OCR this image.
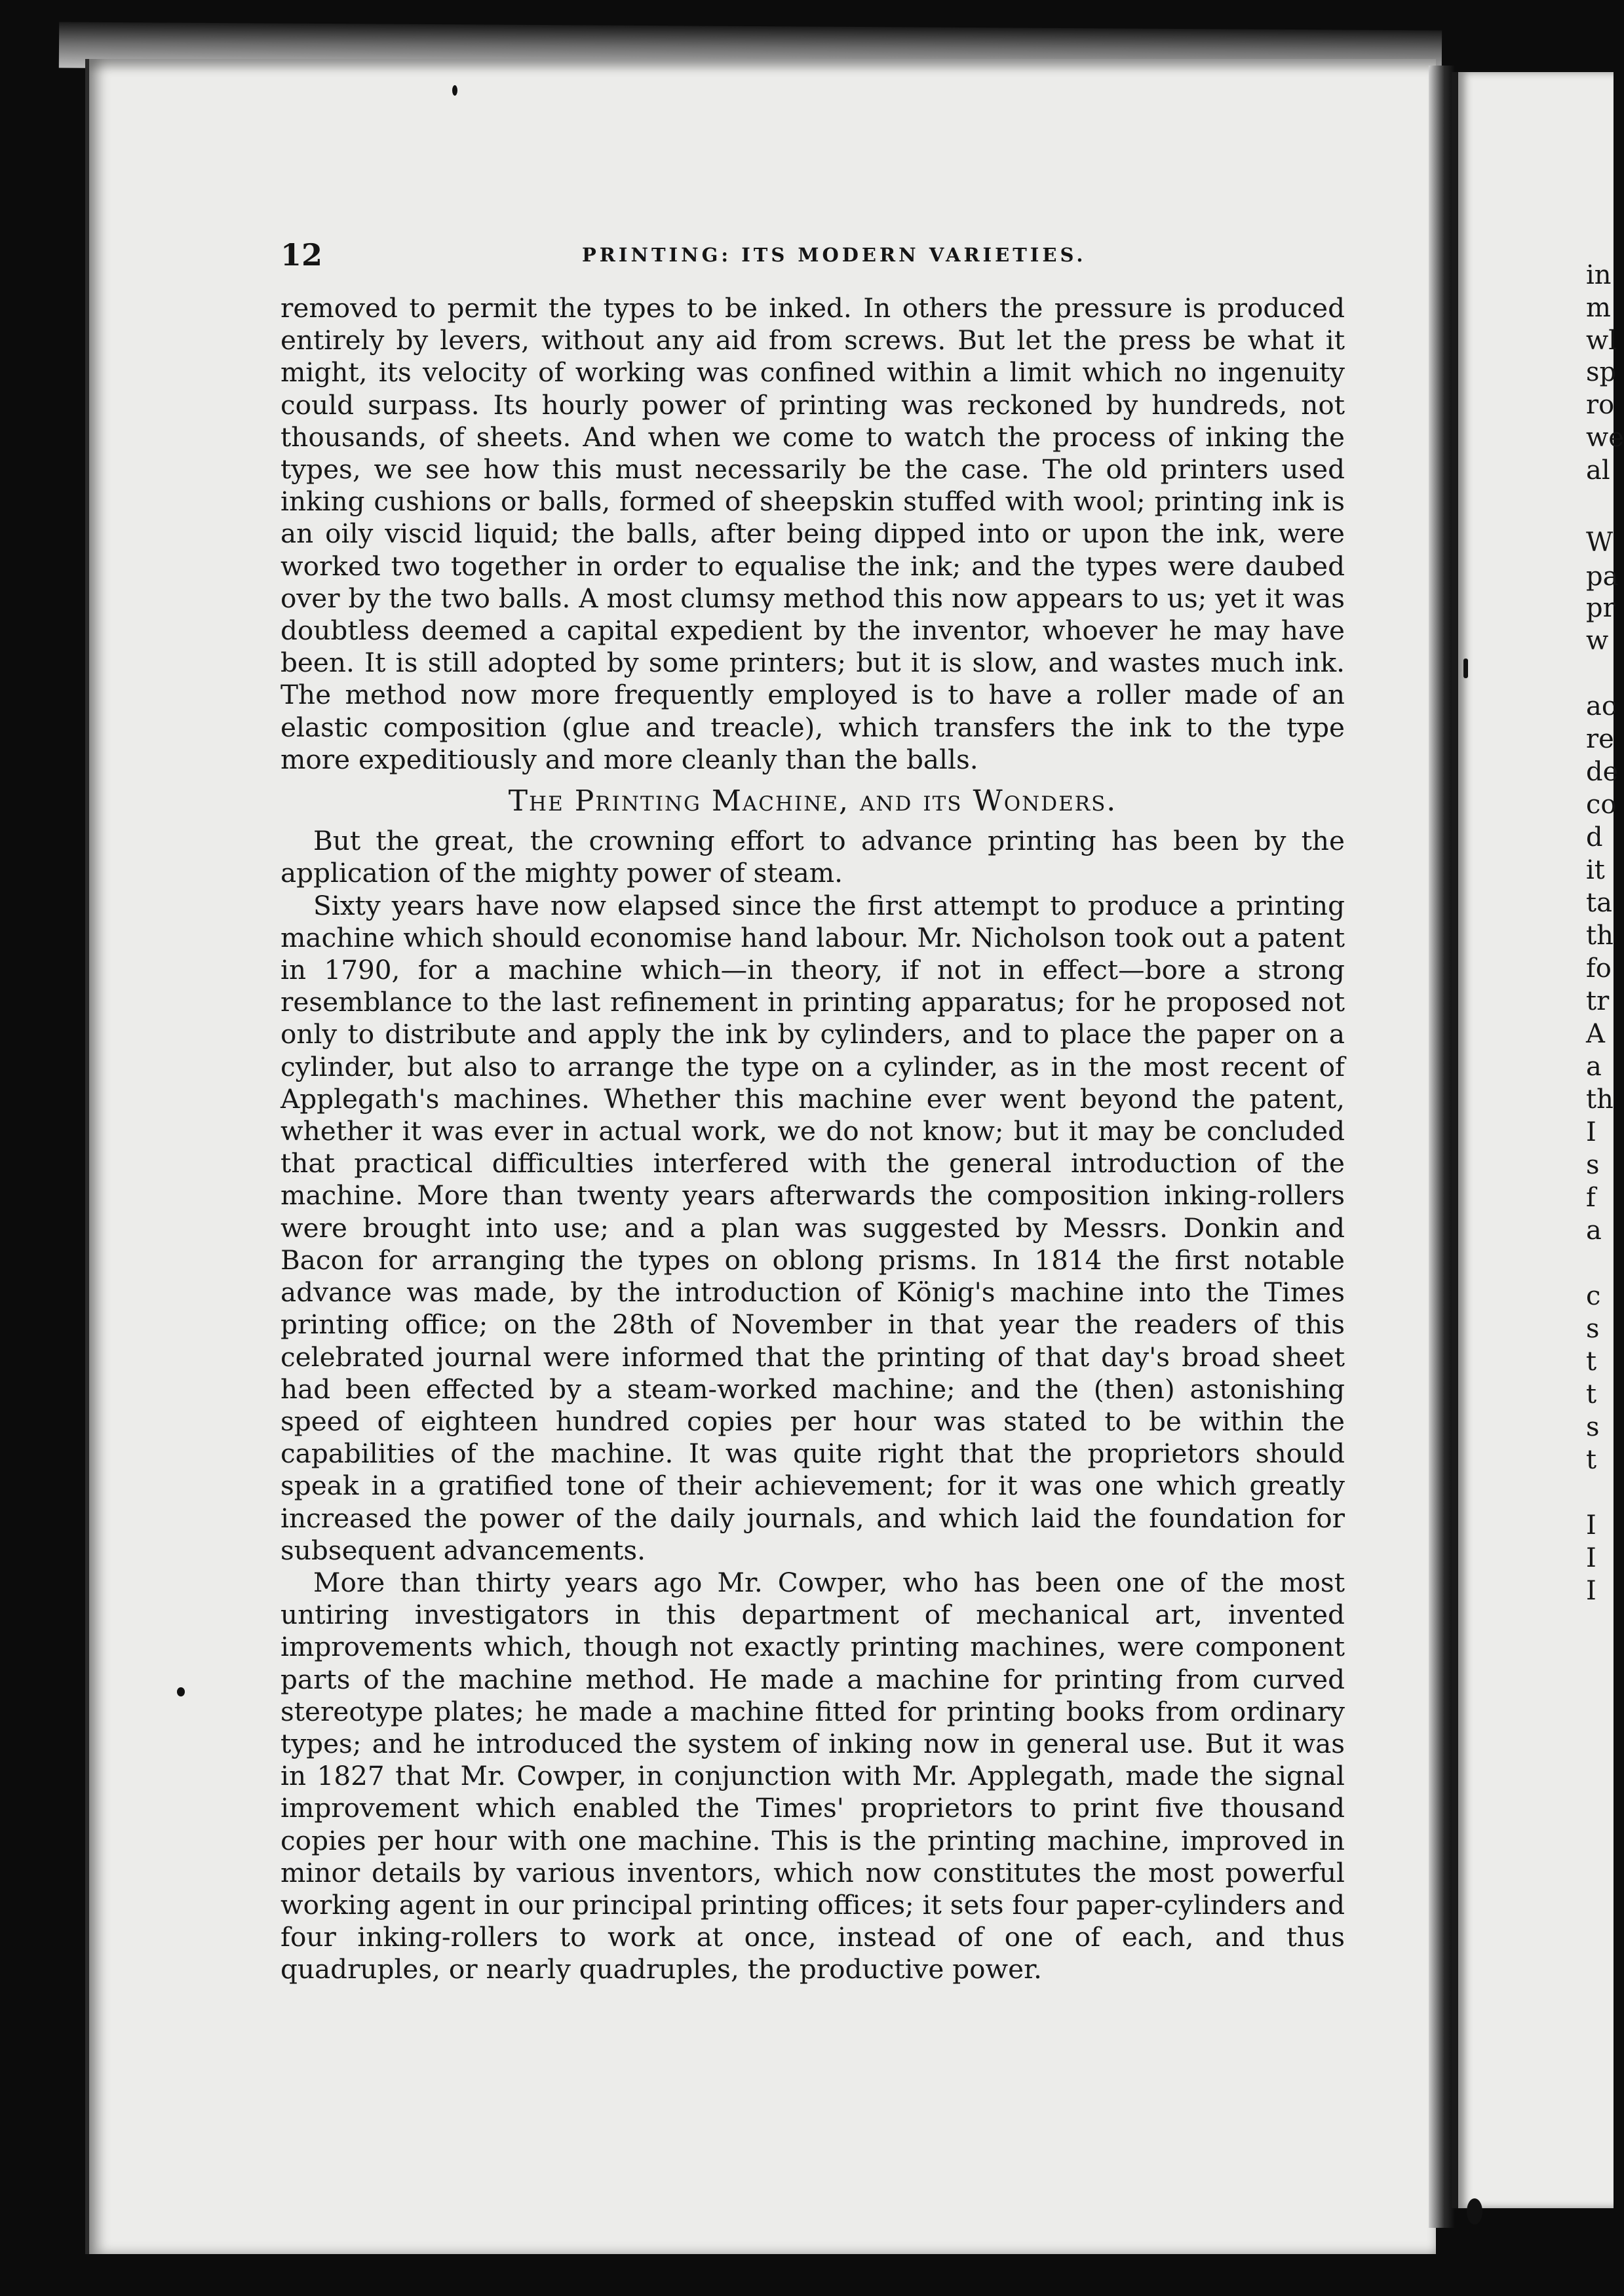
in
m
wl
sp
ro
we
al
W
pa
pr
w
ac
re
de
co
d
it
ta
th
fo
tr
A
a
th
I
s
f
a
c
s
t
t
s
t
I
I
I
12	PRINTING: ITS MODERN VARIETIES.

removed to permit the types to be inked. In others the pressure is produced entirely by levers, without any aid from screws. But let the press be what it might, its velocity of working was confined within a limit which no ingenuity could surpass. Its hourly power of printing was reckoned by hundreds, not thousands, of sheets. And when we come to watch the process of inking the types, we see how this must necessarily be the case. The old printers used inking cushions or balls, formed of sheepskin stuffed with wool; printing ink is an oily viscid liquid; the balls, after being dipped into or upon the ink, were worked two together in order to equalise the ink; and the types were daubed over by the two balls. A most clumsy method this now appears to us; yet it was doubtless deemed a capital expedient by the inventor, whoever he may have been. It is still adopted by some printers; but it is slow, and wastes much ink. The method now more frequently employed is to have a roller made of an elastic composition (glue and treacle), which transfers the ink to the type more expeditiously and more cleanly than the balls.

The Printing Machine, and its Wonders.

But the great, the crowning effort to advance printing has been by the application of the mighty power of steam.

Sixty years have now elapsed since the first attempt to produce a printing machine which should economise hand labour. Mr. Nicholson took out a patent in 1790, for a machine which—in theory, if not in effect—bore a strong resemblance to the last refinement in printing apparatus; for he proposed not only to distribute and apply the ink by cylinders, and to place the paper on a cylinder, but also to arrange the type on a cylinder, as in the most recent of Applegath's machines. Whether this machine ever went beyond the patent, whether it was ever in actual work, we do not know; but it may be concluded that practical difficulties interfered with the general introduction of the machine. More than twenty years afterwards the composition inking-rollers were brought into use; and a plan was suggested by Messrs. Donkin and Bacon for arranging the types on oblong prisms. In 1814 the first notable advance was made, by the introduction of König's machine into the Times printing office; on the 28th of November in that year the readers of this celebrated journal were informed that the printing of that day's broad sheet had been effected by a steam-worked machine; and the (then) astonishing speed of eighteen hundred copies per hour was stated to be within the capabilities of the machine. It was quite right that the proprietors should speak in a gratified tone of their achievement; for it was one which greatly increased the power of the daily journals, and which laid the foundation for subsequent advancements.

More than thirty years ago Mr. Cowper, who has been one of the most untiring investigators in this department of mechanical art, invented improvements which, though not exactly printing machines, were component parts of the machine method. He made a machine for printing from curved stereotype plates; he made a machine fitted for printing books from ordinary types; and he introduced the system of inking now in general use. But it was in 1827 that Mr. Cowper, in conjunction with Mr. Applegath, made the signal improvement which enabled the Times' proprietors to print five thousand copies per hour with one machine. This is the printing machine, improved in minor details by various inventors, which now constitutes the most powerful working agent in our principal printing offices; it sets four paper-cylinders and four inking-rollers to work at once, instead of one of each, and thus quadruples, or nearly quadruples, the productive power.
